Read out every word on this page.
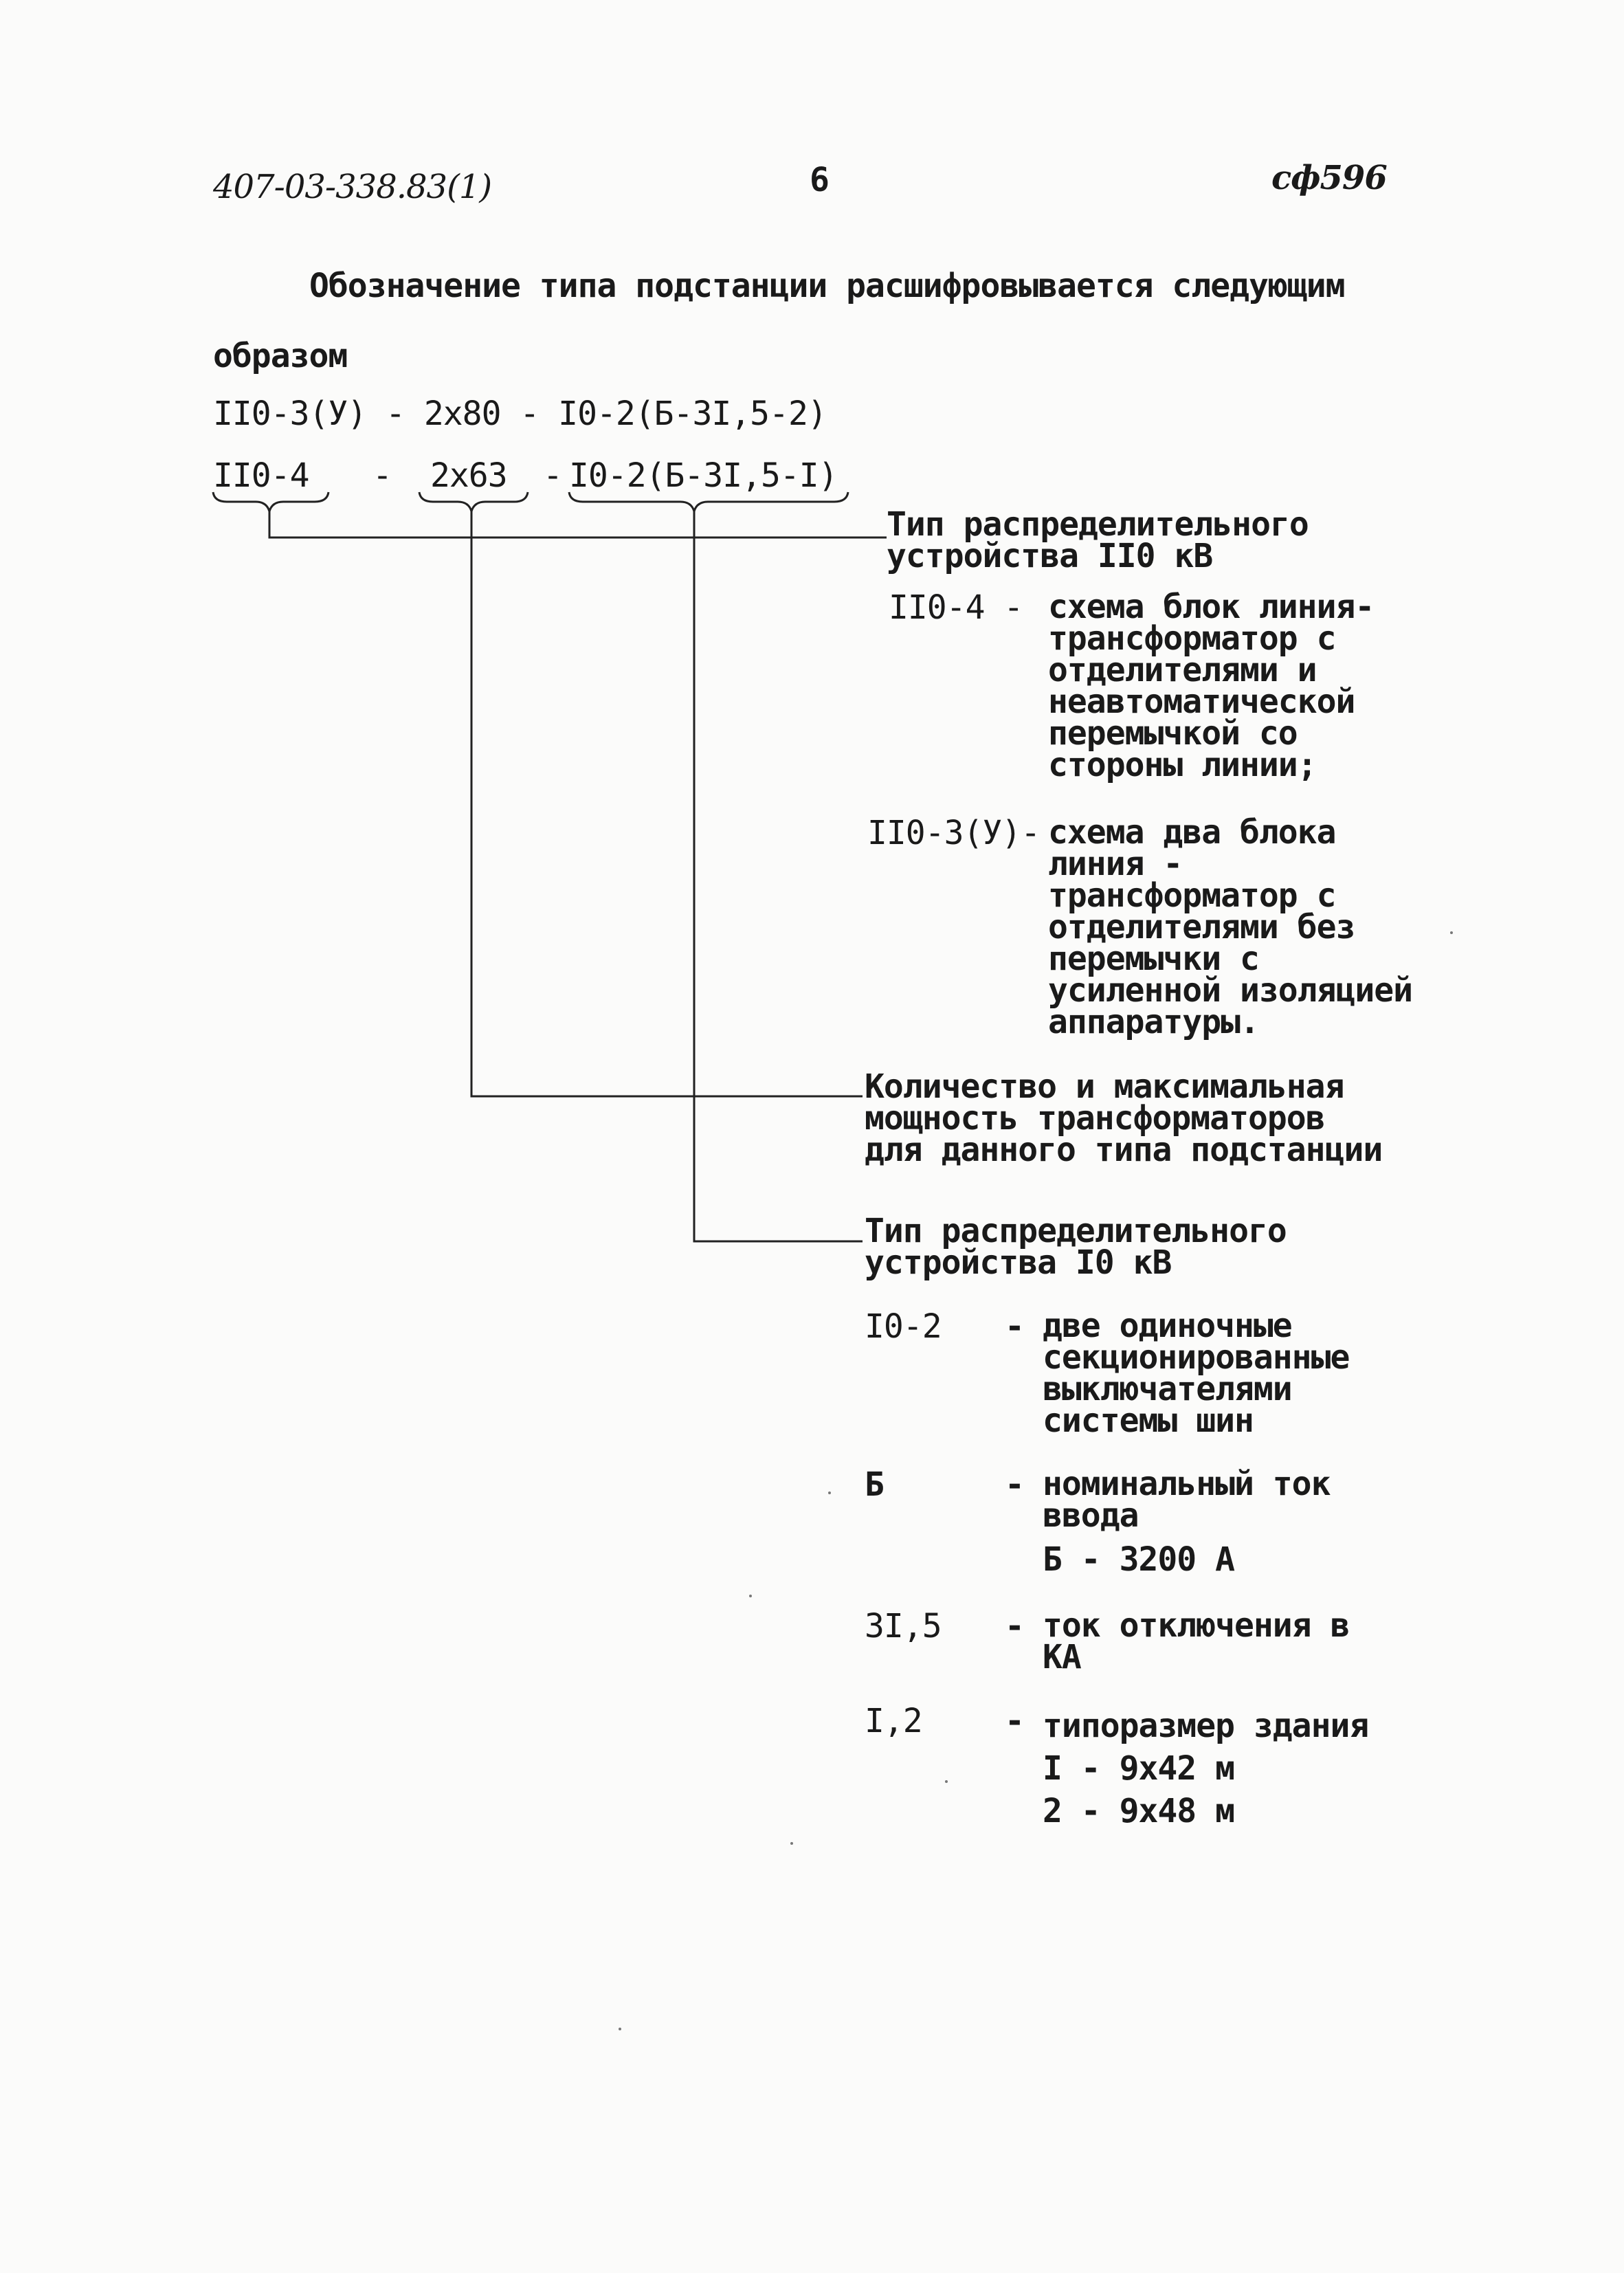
407-03-338.83(1)	6	сф596
Обозначение типа подстанции расшифровывается следующим
образом
II0-3(У) - 2x80 - I0-2(Б-3I,5-2)
II0-4 - 2x63 - I0-2(Б-3I,5-I)
Тип распределительного
устройства II0 кВ
II0-4 - схема блок линия-
трансформатор с
отделителями и
неавтоматической
перемычкой со
стороны линии;
II0-3(У)- схема два блока
линия -
трансформатор с
отделителями без
перемычки с
усиленной изоляцией
аппаратуры.
Количество и максимальная
мощность трансформаторов
для данного типа подстанции
Тип распределительного
устройства I0 кВ
I0-2 - две одиночные
секционированные
выключателями
системы шин
Б	- номинальный ток
ввода
Б - 3200 А
3I,5 - ток отключения в
КА
I,2	- типоразмер здания
I - 9x42 м
2 - 9x48 м
